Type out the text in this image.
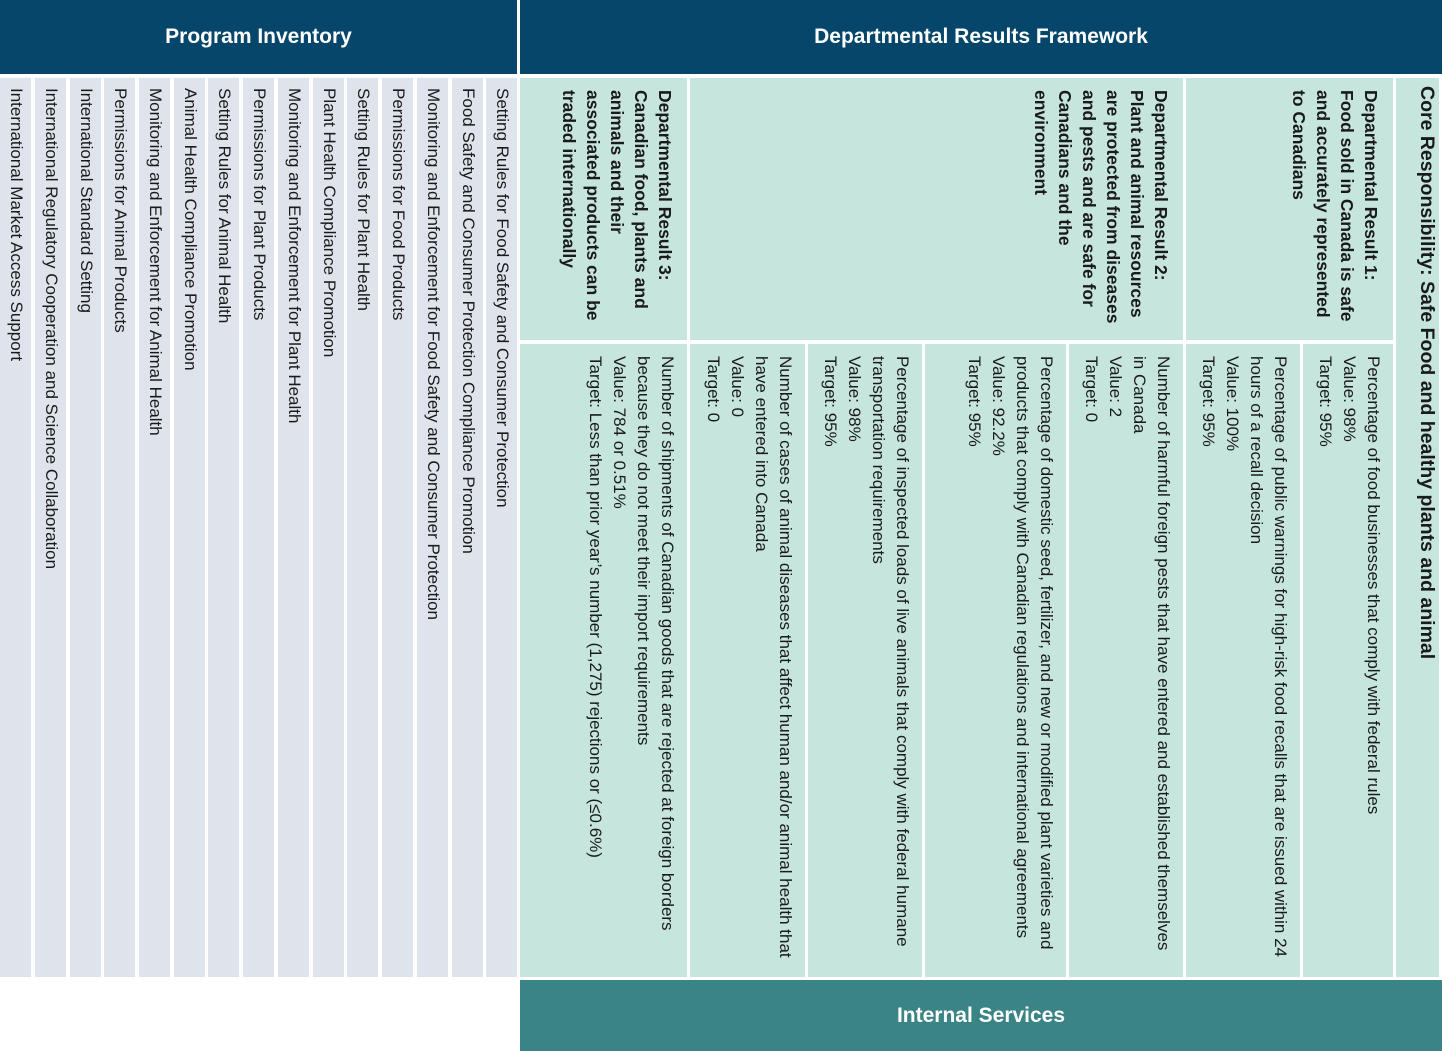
Program Inventory	Departmental Results Framework
Core Responsibility: Safe Food and healthy plants and animal
Departmental Result 1: Food sold in Canada is safe and accurately represented to Canadians
Percentage of food businesses that comply with federal rules
Value: 98%
Target: 95%
Percentage of public warnings for high-risk food recalls that are issued within 24 hours of a recall decision
Value: 100%
Target: 95%
Departmental Result 2: Plant and animal resources are protected from diseases and pests and are safe for Canadians and the environment
Number of harmful foreign pests that have entered and established themselves in Canada
Value: 2
Target: 0
Percentage of domestic seed, fertilizer, and new or modified plant varieties and products that comply with Canadian regulations and international agreements
Value: 92.2%
Target: 95%
Percentage of inspected loads of live animals that comply with federal humane transportation requirements
Value: 98%
Target: 95%
Number of cases of animal diseases that affect human and/or animal health that have entered into Canada
Value: 0
Target: 0
Departmental Result 3: Canadian food, plants and animals and their associated products can be traded internationally
Number of shipments of Canadian goods that are rejected at foreign borders because they do not meet their import requirements
Value: 784 or 0.51%
Target: Less than prior year’s number (1,275) rejections or (≤0.6%)
Setting Rules for Food Safety and Consumer Protection
Food Safety and Consumer Protection Compliance Promotion
Monitoring and Enforcement for Food Safety and Consumer Protection
Permissions for Food Products
Setting Rules for Plant Health
Plant Health Compliance Promotion
Monitoring and Enforcement for Plant Health
Permissions for Plant Products
Setting Rules for Animal Health
Animal Health Compliance Promotion
Monitoring and Enforcement for Animal Health
Permissions for Animal Products
International Standard Setting
International Regulatory Cooperation and Science Collaboration
International Market Access Support
Internal Services
